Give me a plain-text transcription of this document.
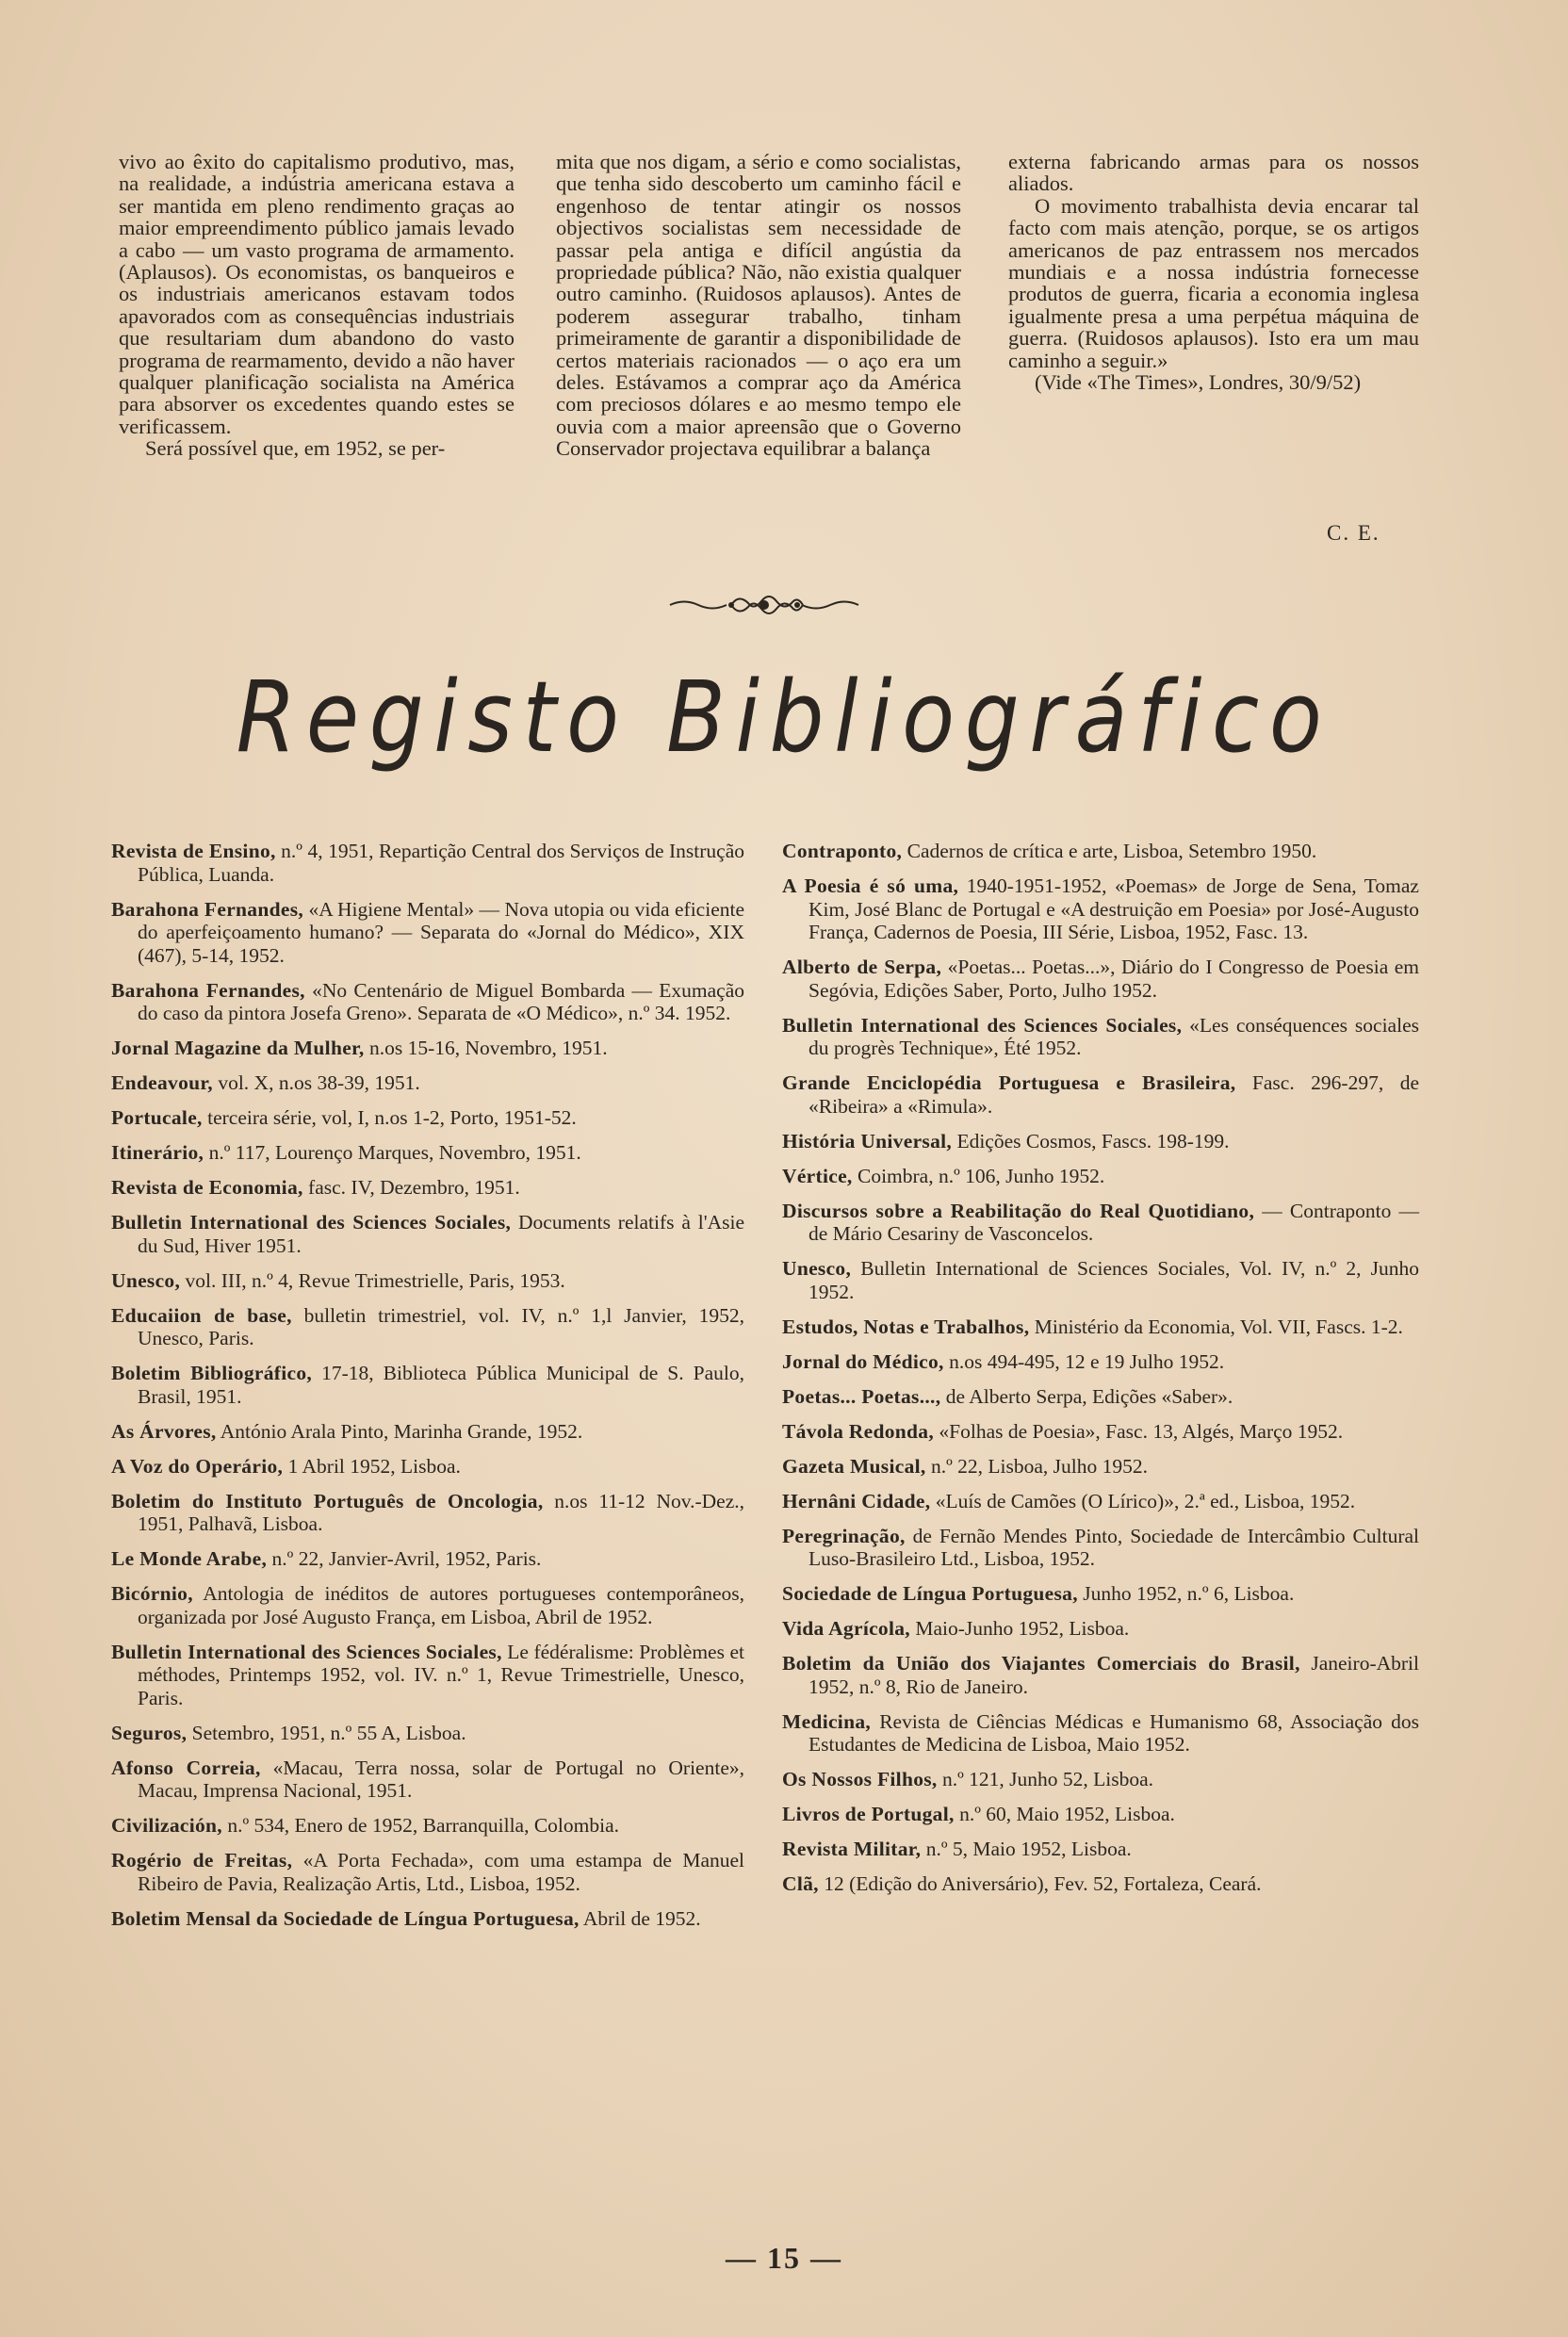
vivo ao êxito do capitalismo produtivo, mas, na realidade, a indústria americana estava a ser mantida em pleno rendimento graças ao maior empreendimento público jamais levado a cabo — um vasto programa de armamento. (Aplausos). Os economistas, os banqueiros e os industriais americanos estavam todos apavorados com as consequências industriais que resultariam dum abandono do vasto programa de rearmamento, devido a não haver qualquer planificação socialista na América para absorver os excedentes quando estes se verificassem.

Será possível que, em 1952, se per-

mita que nos digam, a sério e como socialistas, que tenha sido descoberto um caminho fácil e engenhoso de tentar atingir os nossos objectivos socialistas sem necessidade de passar pela antiga e difícil angústia da propriedade pública? Não, não existia qualquer outro caminho. (Ruidosos aplausos). Antes de poderem assegurar trabalho, tinham primeiramente de garantir a disponibilidade de certos materiais racionados — o aço era um deles. Estávamos a comprar aço da América com preciosos dólares e ao mesmo tempo ele ouvia com a maior apreensão que o Governo Conservador projectava equilibrar a balança

externa fabricando armas para os nossos aliados.

O movimento trabalhista devia encarar tal facto com mais atenção, porque, se os artigos americanos de paz entrassem nos mercados mundiais e a nossa indústria fornecesse produtos de guerra, ficaria a economia inglesa igualmente presa a uma perpétua máquina de guerra. (Ruidosos aplausos). Isto era um mau caminho a seguir.»

(Vide «The Times», Londres, 30/9/52)

C. E.
Registo Bibliográfico

Revista de Ensino, n.º 4, 1951, Repartição Central dos Serviços de Instrução Pública, Luanda.

Barahona Fernandes, «A Higiene Mental» — Nova utopia ou vida eficiente do aperfeiçoamento humano? — Separata do «Jornal do Médico», XIX (467), 5-14, 1952.

Barahona Fernandes, «No Centenário de Miguel Bombarda — Exumação do caso da pintora Josefa Greno». Separata de «O Médico», n.º 34. 1952.

Jornal Magazine da Mulher, n.os 15-16, Novembro, 1951.

Endeavour, vol. X, n.os 38-39, 1951.

Portucale, terceira série, vol, I, n.os 1-2, Porto, 1951-52.

Itinerário, n.º 117, Lourenço Marques, Novembro, 1951.

Revista de Economia, fasc. IV, Dezembro, 1951.

Bulletin International des Sciences Sociales, Documents relatifs à l'Asie du Sud, Hiver 1951.

Unesco, vol. III, n.º 4, Revue Trimestrielle, Paris, 1953.

Educaiion de base, bulletin trimestriel, vol. IV, n.º 1,l Janvier, 1952, Unesco, Paris.

Boletim Bibliográfico, 17-18, Biblioteca Pública Municipal de S. Paulo, Brasil, 1951.

As Árvores, António Arala Pinto, Marinha Grande, 1952.

A Voz do Operário, 1 Abril 1952, Lisboa.

Boletim do Instituto Português de Oncologia, n.os 11-12 Nov.-Dez., 1951, Palhavã, Lisboa.

Le Monde Arabe, n.º 22, Janvier-Avril, 1952, Paris.

Bicórnio, Antologia de inéditos de autores portugueses contemporâneos, organizada por José Augusto França, em Lisboa, Abril de 1952.

Bulletin International des Sciences Sociales, Le fédéralisme: Problèmes et méthodes, Printemps 1952, vol. IV. n.º 1, Revue Trimestrielle, Unesco, Paris.

Seguros, Setembro, 1951, n.º 55 A, Lisboa.

Afonso Correia, «Macau, Terra nossa, solar de Portugal no Oriente», Macau, Imprensa Nacional, 1951.

Civilización, n.º 534, Enero de 1952, Barranquilla, Colombia.

Rogério de Freitas, «A Porta Fechada», com uma estampa de Manuel Ribeiro de Pavia, Realização Artis, Ltd., Lisboa, 1952.

Boletim Mensal da Sociedade de Língua Portuguesa, Abril de 1952.

Contraponto, Cadernos de crítica e arte, Lisboa, Setembro 1950.

A Poesia é só uma, 1940-1951-1952, «Poemas» de Jorge de Sena, Tomaz Kim, José Blanc de Portugal e «A destruição em Poesia» por José-Augusto França, Cadernos de Poesia, III Série, Lisboa, 1952, Fasc. 13.

Alberto de Serpa, «Poetas... Poetas...», Diário do I Congresso de Poesia em Segóvia, Edições Saber, Porto, Julho 1952.

Bulletin International des Sciences Sociales, «Les conséquences sociales du progrès Technique», Été 1952.

Grande Enciclopédia Portuguesa e Brasileira, Fasc. 296-297, de «Ribeira» a «Rimula».

História Universal, Edições Cosmos, Fascs. 198-199.

Vértice, Coimbra, n.º 106, Junho 1952.

Discursos sobre a Reabilitação do Real Quotidiano, — Contraponto — de Mário Cesariny de Vasconcelos.

Unesco, Bulletin International de Sciences Sociales, Vol. IV, n.º 2, Junho 1952.

Estudos, Notas e Trabalhos, Ministério da Economia, Vol. VII, Fascs. 1-2.

Jornal do Médico, n.os 494-495, 12 e 19 Julho 1952.

Poetas... Poetas..., de Alberto Serpa, Edições «Saber».

Távola Redonda, «Folhas de Poesia», Fasc. 13, Algés, Março 1952.

Gazeta Musical, n.º 22, Lisboa, Julho 1952.

Hernâni Cidade, «Luís de Camões (O Lírico)», 2.ª ed., Lisboa, 1952.

Peregrinação, de Fernão Mendes Pinto, Sociedade de Intercâmbio Cultural Luso-Brasileiro Ltd., Lisboa, 1952.

Sociedade de Língua Portuguesa, Junho 1952, n.º 6, Lisboa.

Vida Agrícola, Maio-Junho 1952, Lisboa.

Boletim da União dos Viajantes Comerciais do Brasil, Janeiro-Abril 1952, n.º 8, Rio de Janeiro.

Medicina, Revista de Ciências Médicas e Humanismo 68, Associação dos Estudantes de Medicina de Lisboa, Maio 1952.

Os Nossos Filhos, n.º 121, Junho 52, Lisboa.

Livros de Portugal, n.º 60, Maio 1952, Lisboa.

Revista Militar, n.º 5, Maio 1952, Lisboa.

Clã, 12 (Edição do Aniversário), Fev. 52, Fortaleza, Ceará.

— 15 —
